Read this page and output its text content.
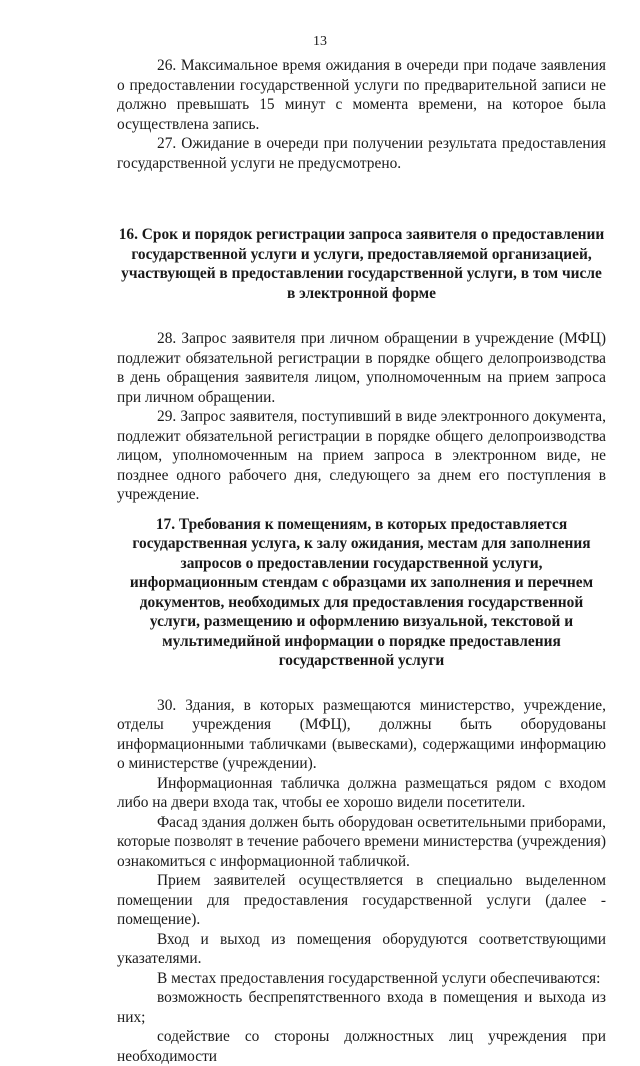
13

26. Максимальное время ожидания в очереди при подаче заявления о предоставлении государственной услуги по предварительной записи не должно превышать 15 минут с момента времени, на которое была осуществлена запись.

27. Ожидание в очереди при получении результата предоставления государственной услуги не предусмотрено.

16. Срок и порядок регистрации запроса заявителя о предоставлении государственной услуги и услуги, предоставляемой организацией, участвующей в предоставлении государственной услуги, в том числе в электронной форме

28. Запрос заявителя при личном обращении в учреждение (МФЦ) подлежит обязательной регистрации в порядке общего делопроизводства в день обращения заявителя лицом, уполномоченным на прием запроса при личном обращении.

29. Запрос заявителя, поступивший в виде электронного документа, подлежит обязательной регистрации в порядке общего делопроизводства лицом, уполномоченным на прием запроса в электронном виде, не позднее одного рабочего дня, следующего за днем его поступления в учреждение.

17. Требования к помещениям, в которых предоставляется государственная услуга, к залу ожидания, местам для заполнения запросов о предоставлении государственной услуги, информационным стендам с образцами их заполнения и перечнем документов, необходимых для предоставления государственной услуги, размещению и оформлению визуальной, текстовой и мультимедийной информации о порядке предоставления государственной услуги

30. Здания, в которых размещаются министерство, учреждение, отделы учреждения (МФЦ), должны быть оборудованы информационными табличками (вывесками), содержащими информацию о министерстве (учреждении).

Информационная табличка должна размещаться рядом с входом либо на двери входа так, чтобы ее хорошо видели посетители.

Фасад здания должен быть оборудован осветительными приборами, которые позволят в течение рабочего времени министерства (учреждения) ознакомиться с информационной табличкой.

Прием заявителей осуществляется в специально выделенном помещении для предоставления государственной услуги (далее - помещение).

Вход и выход из помещения оборудуются соответствующими указателями.

В местах предоставления государственной услуги обеспечиваются:

возможность беспрепятственного входа в помещения и выхода из них;

содействие со стороны должностных лиц учреждения при необходимости
